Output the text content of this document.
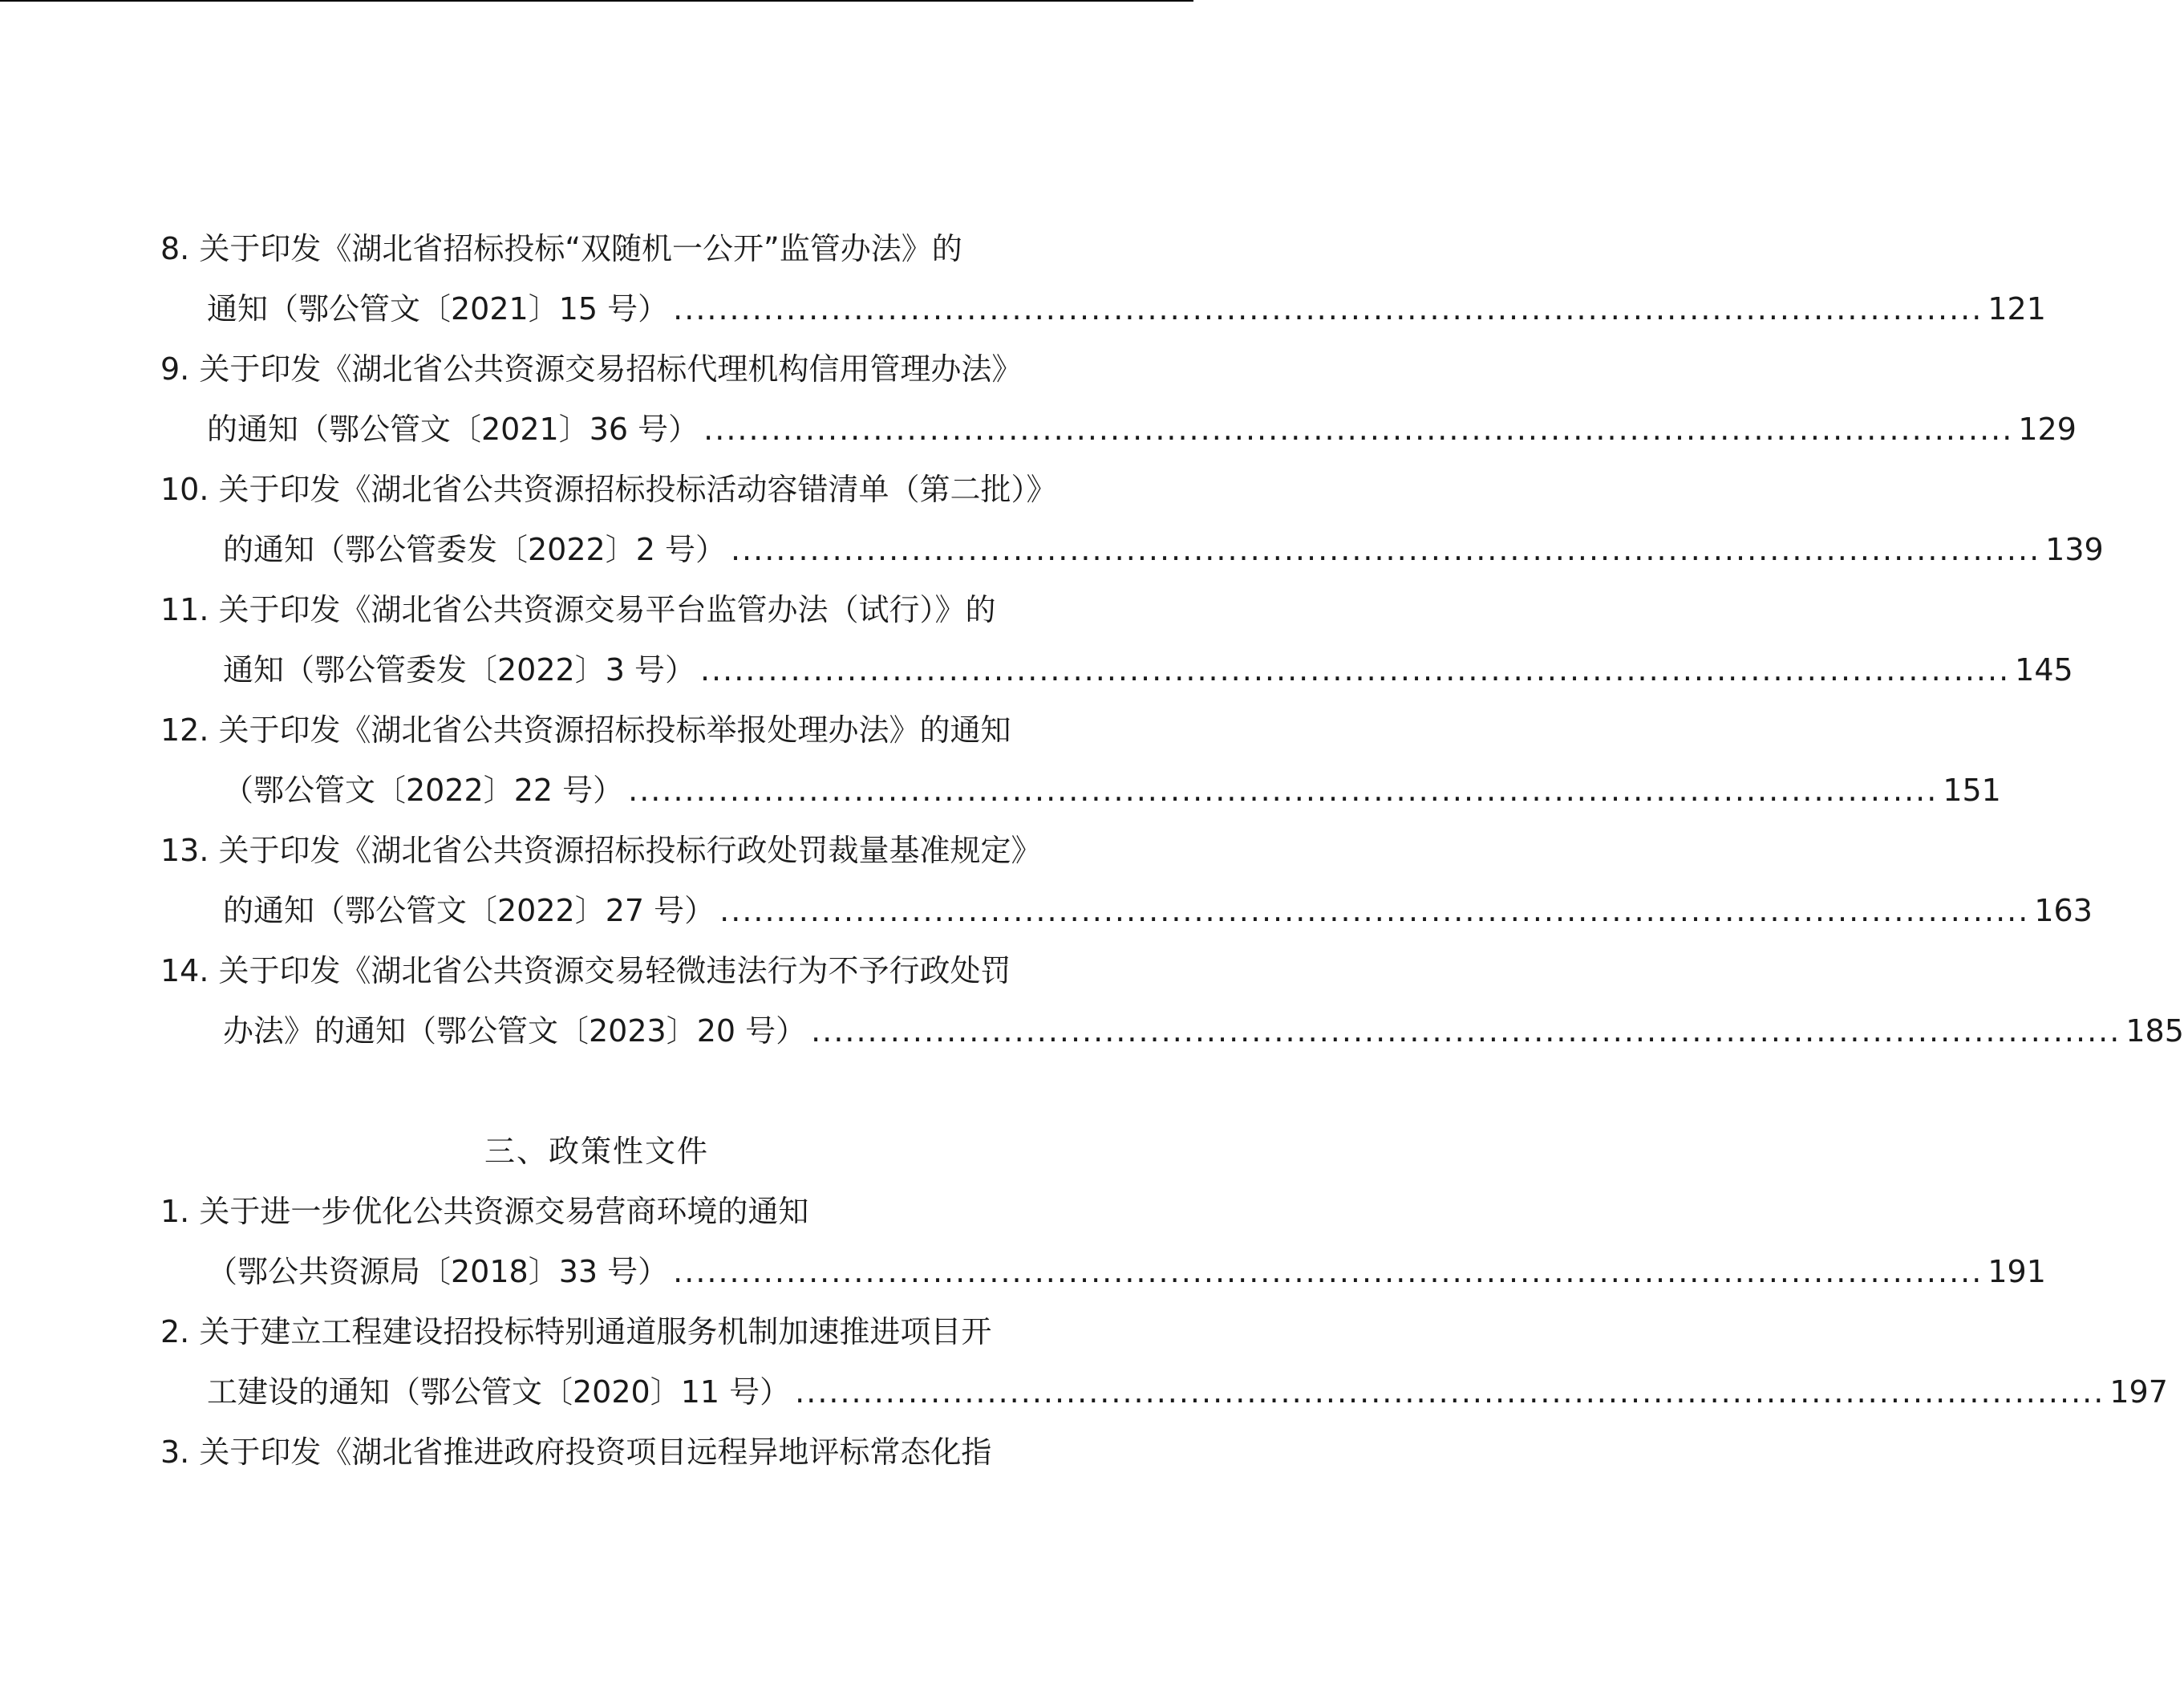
8. 关于印发《湖北省招标投标“双随机一公开”监管办法》的
通知（鄂公管文〔2021〕15 号） .................................................................................................................... 121
9. 关于印发《湖北省公共资源交易招标代理机构信用管理办法》
的通知（鄂公管文〔2021〕36 号） .................................................................................................................... 129
10. 关于印发《湖北省公共资源招标投标活动容错清单（第二批）》
的通知（鄂公管委发〔2022〕2 号） .................................................................................................................... 139
11. 关于印发《湖北省公共资源交易平台监管办法（试行）》的
通知（鄂公管委发〔2022〕3 号） .................................................................................................................... 145
12. 关于印发《湖北省公共资源招标投标举报处理办法》的通知
（鄂公管文〔2022〕22 号） .................................................................................................................... 151
13. 关于印发《湖北省公共资源招标投标行政处罚裁量基准规定》
的通知（鄂公管文〔2022〕27 号） .................................................................................................................... 163
14. 关于印发《湖北省公共资源交易轻微违法行为不予行政处罚
办法》的通知（鄂公管文〔2023〕20 号） .................................................................................................................... 185
三、政策性文件
1. 关于进一步优化公共资源交易营商环境的通知
（鄂公共资源局〔2018〕33 号） .................................................................................................................... 191
2. 关于建立工程建设招投标特别通道服务机制加速推进项目开
工建设的通知（鄂公管文〔2020〕11 号） .................................................................................................................... 197
3. 关于印发《湖北省推进政府投资项目远程异地评标常态化指
